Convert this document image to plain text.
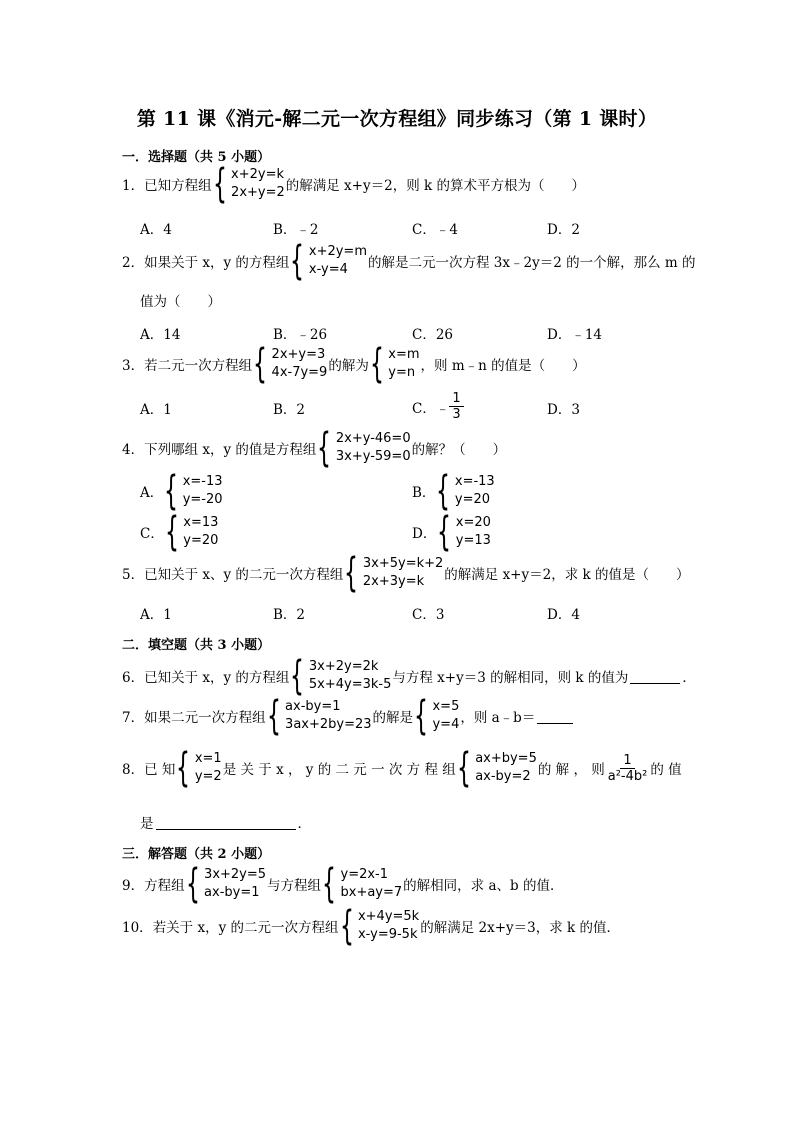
第 11 课《消元-解二元一次方程组》同步练习（第 1 课时）
一．选择题（共 5 小题）
1． 已知方程组 { x+2y=k
2x+y=2 的解满足 x+y＝2，则 k 的算术平方根为（　　）
A．4	B．﹣2	C．﹣4	D．2
2． 如果关于 x，y 的方程组 { x+2y=m
x-y=4	的解是二元一次方程 3x﹣2y＝2 的一个解，那么 m 的
值为（　　）
A．14	B．﹣26	C．26	D．﹣14
3． 若二元一次方程组 { 2x+y=3
4x-7y=9 的解为 { x=m
y=n ，则 m﹣n 的值是（　　）
A．1	B．2	C．﹣ $\frac{1}{3}$	D．3
4． 下列哪组 x，y 的值是方程组 { 2x+y-46=0
3x+y-59=0 的解？（　　）
A． { x=-13
y=-20	B． { x=-13
y=20
C． { x=13
y=20	D． { x=20
y=13
5． 已知关于 x、y 的二元一次方程组 { 3x+5y=k+2
2x+3y=k	的解满足 x+y＝2，求 k 的值是（　　）
A．1	B．2	C．3	D．4
二．填空题（共 3 小题）
6． 已知关于 x，y 的方程组 { 3x+2y=2k
5x+4y=3k-5 与方程 x+y＝3 的解相同，则 k 的值为	．
7． 如果二元一次方程组 { ax-by=1
3ax+2by=23 的解是 { x=5
y=4 ，则 a﹣b＝
8． 已 知 { x=1
y=2 是 关 于 x ， y 的 二 元 一 次 方 程 组 { ax+by=5
ax-by=2 的 解 ， 则 $\frac{1}{\text{a²-4b²}}$ 的 值
是	．
三．解答题（共 2 小题）
9． 方程组 { 3x+2y=5
ax-by=1 与方程组 { y=2x-1
bx+ay=7 的解相同，求 a、b 的值．
10． 若关于 x，y 的二元一次方程组 { x+4y=5k
x-y=9-5k 的解满足 2x+y＝3，求 k 的值．
